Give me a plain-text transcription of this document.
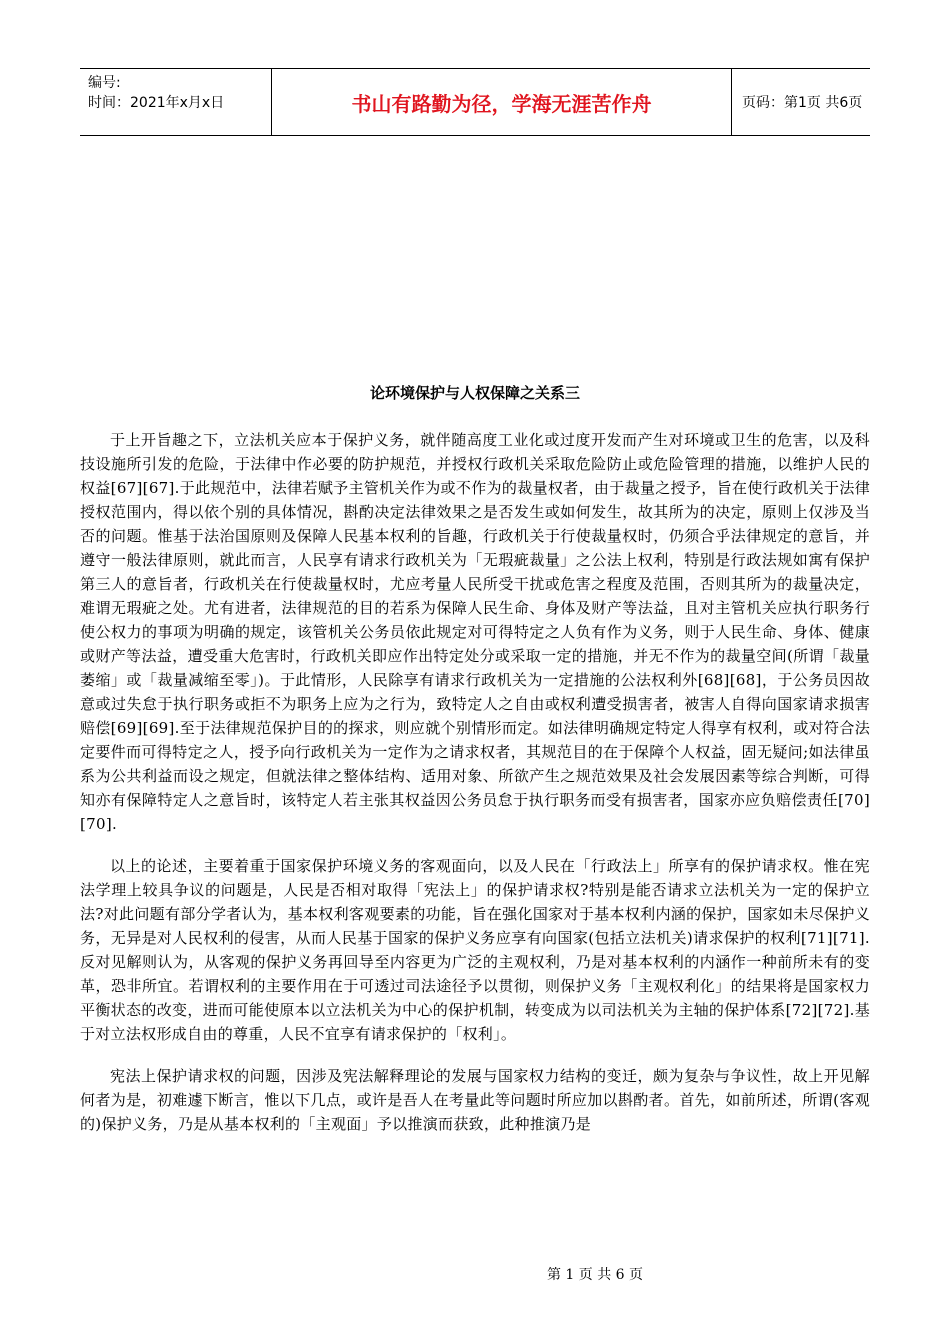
编号:
时间：2021年x月x日	书山有路勤为径，学海无涯苦作舟	页码：第1页 共6页
论环境保护与人权保障之关系三

于上开旨趣之下，立法机关应本于保护义务，就伴随高度工业化或过度开发而产生对环境或卫生的危害，以及科技设施所引发的危险，于法律中作必要的防护规范，并授权行政机关采取危险防止或危险管理的措施，以维护人民的权益[67][67].于此规范中，法律若赋予主管机关作为或不作为的裁量权者，由于裁量之授予，旨在使行政机关于法律授权范围内，得以依个别的具体情况，斟酌决定法律效果之是否发生或如何发生，故其所为的决定，原则上仅涉及当否的问题。惟基于法治国原则及保障人民基本权利的旨趣，行政机关于行使裁量权时，仍须合乎法律规定的意旨，并遵守一般法律原则，就此而言，人民享有请求行政机关为「无瑕疵裁量」之公法上权利，特别是行政法规如寓有保护第三人的意旨者，行政机关在行使裁量权时，尤应考量人民所受干扰或危害之程度及范围，否则其所为的裁量决定，难谓无瑕疵之处。尤有进者，法律规范的目的若系为保障人民生命、身体及财产等法益，且对主管机关应执行职务行使公权力的事项为明确的规定，该管机关公务员依此规定对可得特定之人负有作为义务，则于人民生命、身体、健康或财产等法益，遭受重大危害时，行政机关即应作出特定处分或采取一定的措施，并无不作为的裁量空间(所谓「裁量萎缩」或「裁量减缩至零」)。于此情形，人民除享有请求行政机关为一定措施的公法权利外[68][68]，于公务员因故意或过失怠于执行职务或拒不为职务上应为之行为，致特定人之自由或权利遭受损害者，被害人自得向国家请求损害赔偿[69][69].至于法律规范保护目的的探求，则应就个别情形而定。如法律明确规定特定人得享有权利，或对符合法定要件而可得特定之人，授予向行政机关为一定作为之请求权者，其规范目的在于保障个人权益，固无疑问;如法律虽系为公共利益而设之规定，但就法律之整体结构、适用对象、所欲产生之规范效果及社会发展因素等综合判断，可得知亦有保障特定人之意旨时，该特定人若主张其权益因公务员怠于执行职务而受有损害者，国家亦应负赔偿责任[70][70].

以上的论述，主要着重于国家保护环境义务的客观面向，以及人民在「行政法上」所享有的保护请求权。惟在宪法学理上较具争议的问题是，人民是否相对取得「宪法上」的保护请求权?特别是能否请求立法机关为一定的保护立法?对此问题有部分学者认为，基本权利客观要素的功能，旨在强化国家对于基本权利内涵的保护，国家如未尽保护义务，无异是对人民权利的侵害，从而人民基于国家的保护义务应享有向国家(包括立法机关)请求保护的权利[71][71].反对见解则认为，从客观的保护义务再回导至内容更为广泛的主观权利，乃是对基本权利的内涵作一种前所未有的变革，恐非所宜。若谓权利的主要作用在于可透过司法途径予以贯彻，则保护义务「主观权利化」的结果将是国家权力平衡状态的改变，进而可能使原本以立法机关为中心的保护机制，转变成为以司法机关为主轴的保护体系[72][72].基于对立法权形成自由的尊重，人民不宜享有请求保护的「权利」。

宪法上保护请求权的问题，因涉及宪法解释理论的发展与国家权力结构的变迁，颇为复杂与争议性，故上开见解何者为是，初难遽下断言，惟以下几点，或许是吾人在考量此等问题时所应加以斟酌者。首先，如前所述，所谓(客观的)保护义务，乃是从基本权利的「主观面」予以推演而获致，此种推演乃是

第 1 页 共 6 页
